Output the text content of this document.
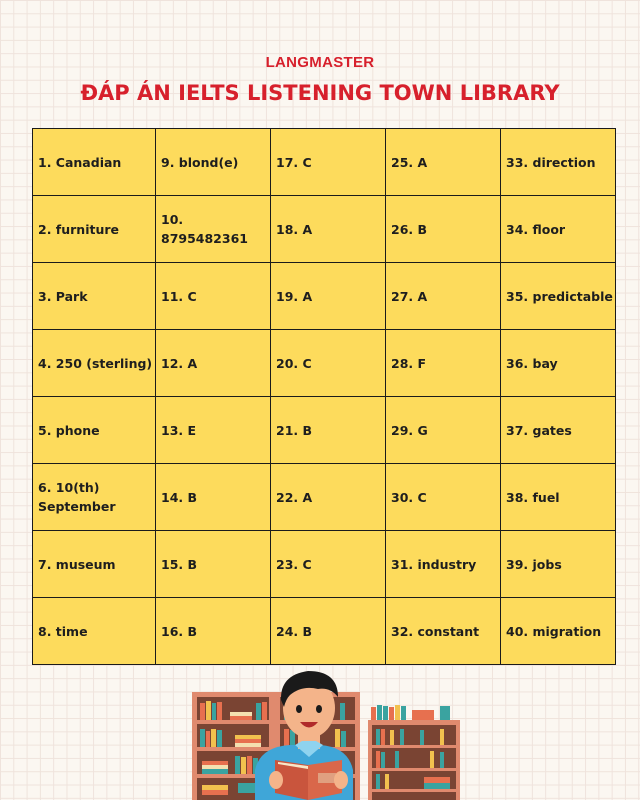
LANGMASTER
ĐÁP ÁN IELTS LISTENING TOWN LIBRARY
1. Canadian	9. blond(e)	17. C	25. A	33. direction
2. furniture	10. 8795482361	18. A	26. B	34. floor
3. Park	11. C	19. A	27. A	35. predictable
4. 250 (sterling)	12. A	20. C	28. F	36. bay
5. phone	13. E	21. B	29. G	37. gates
6. 10(th) September	14. B	22. A	30. C	38. fuel
7. museum	15. B	23. C	31. industry	39. jobs
8. time	16. B	24. B	32. constant	40. migration
